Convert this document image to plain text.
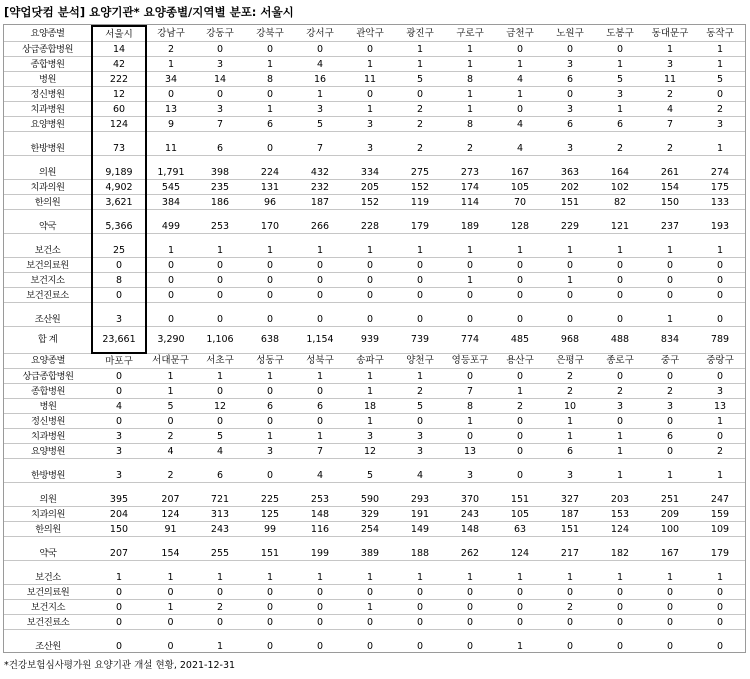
[약업닷컴 분석] 요양기관* 요양종별/지역별 분포: 서울시
요양종별	서울시	강남구	강동구	강북구	강서구	관악구	광진구	구로구	금천구	노원구	도봉구	동대문구	동작구
상급종합병원	14	2	0	0	0	0	1	1	0	0	0	1	1
종합병원	42	1	3	1	4	1	1	1	1	3	1	3	1
병원	222	34	14	8	16	11	5	8	4	6	5	11	5
정신병원	12	0	0	0	1	0	0	1	1	0	3	2	0
치과병원	60	13	3	1	3	1	2	1	0	3	1	4	2
요양병원	124	9	7	6	5	3	2	8	4	6	6	7	3
한방병원	73	11	6	0	7	3	2	2	4	3	2	2	1
의원	9,189	1,791	398	224	432	334	275	273	167	363	164	261	274
치과의원	4,902	545	235	131	232	205	152	174	105	202	102	154	175
한의원	3,621	384	186	96	187	152	119	114	70	151	82	150	133
약국	5,366	499	253	170	266	228	179	189	128	229	121	237	193
보건소	25	1	1	1	1	1	1	1	1	1	1	1	1
보건의료원	0	0	0	0	0	0	0	0	0	0	0	0	0
보건지소	8	0	0	0	0	0	0	1	0	1	0	0	0
보건진료소	0	0	0	0	0	0	0	0	0	0	0	0	0
조산원	3	0	0	0	0	0	0	0	0	0	0	1	0
합 계	23,661	3,290	1,106	638	1,154	939	739	774	485	968	488	834	789
요양종별	마포구	서대문구	서초구	성동구	성북구	송파구	양천구	영등포구	용산구	은평구	종로구	중구	중랑구
상급종합병원	0	1	1	1	1	1	1	0	0	2	0	0	0
종합병원	0	1	0	0	0	1	2	7	1	2	2	2	3
병원	4	5	12	6	6	18	5	8	2	10	3	3	13
정신병원	0	0	0	0	0	1	0	1	0	1	0	0	1
치과병원	3	2	5	1	1	3	3	0	0	1	1	6	0
요양병원	3	4	4	3	7	12	3	13	0	6	1	0	2
한방병원	3	2	6	0	4	5	4	3	0	3	1	1	1
의원	395	207	721	225	253	590	293	370	151	327	203	251	247
치과의원	204	124	313	125	148	329	191	243	105	187	153	209	159
한의원	150	91	243	99	116	254	149	148	63	151	124	100	109
약국	207	154	255	151	199	389	188	262	124	217	182	167	179
보건소	1	1	1	1	1	1	1	1	1	1	1	1	1
보건의료원	0	0	0	0	0	0	0	0	0	0	0	0	0
보건지소	0	1	2	0	0	1	0	0	0	2	0	0	0
보건진료소	0	0	0	0	0	0	0	0	0	0	0	0	0
조산원	0	0	1	0	0	0	0	0	1	0	0	0	0

*건강보험심사평가원 요양기관 개설 현황, 2021-12-31
